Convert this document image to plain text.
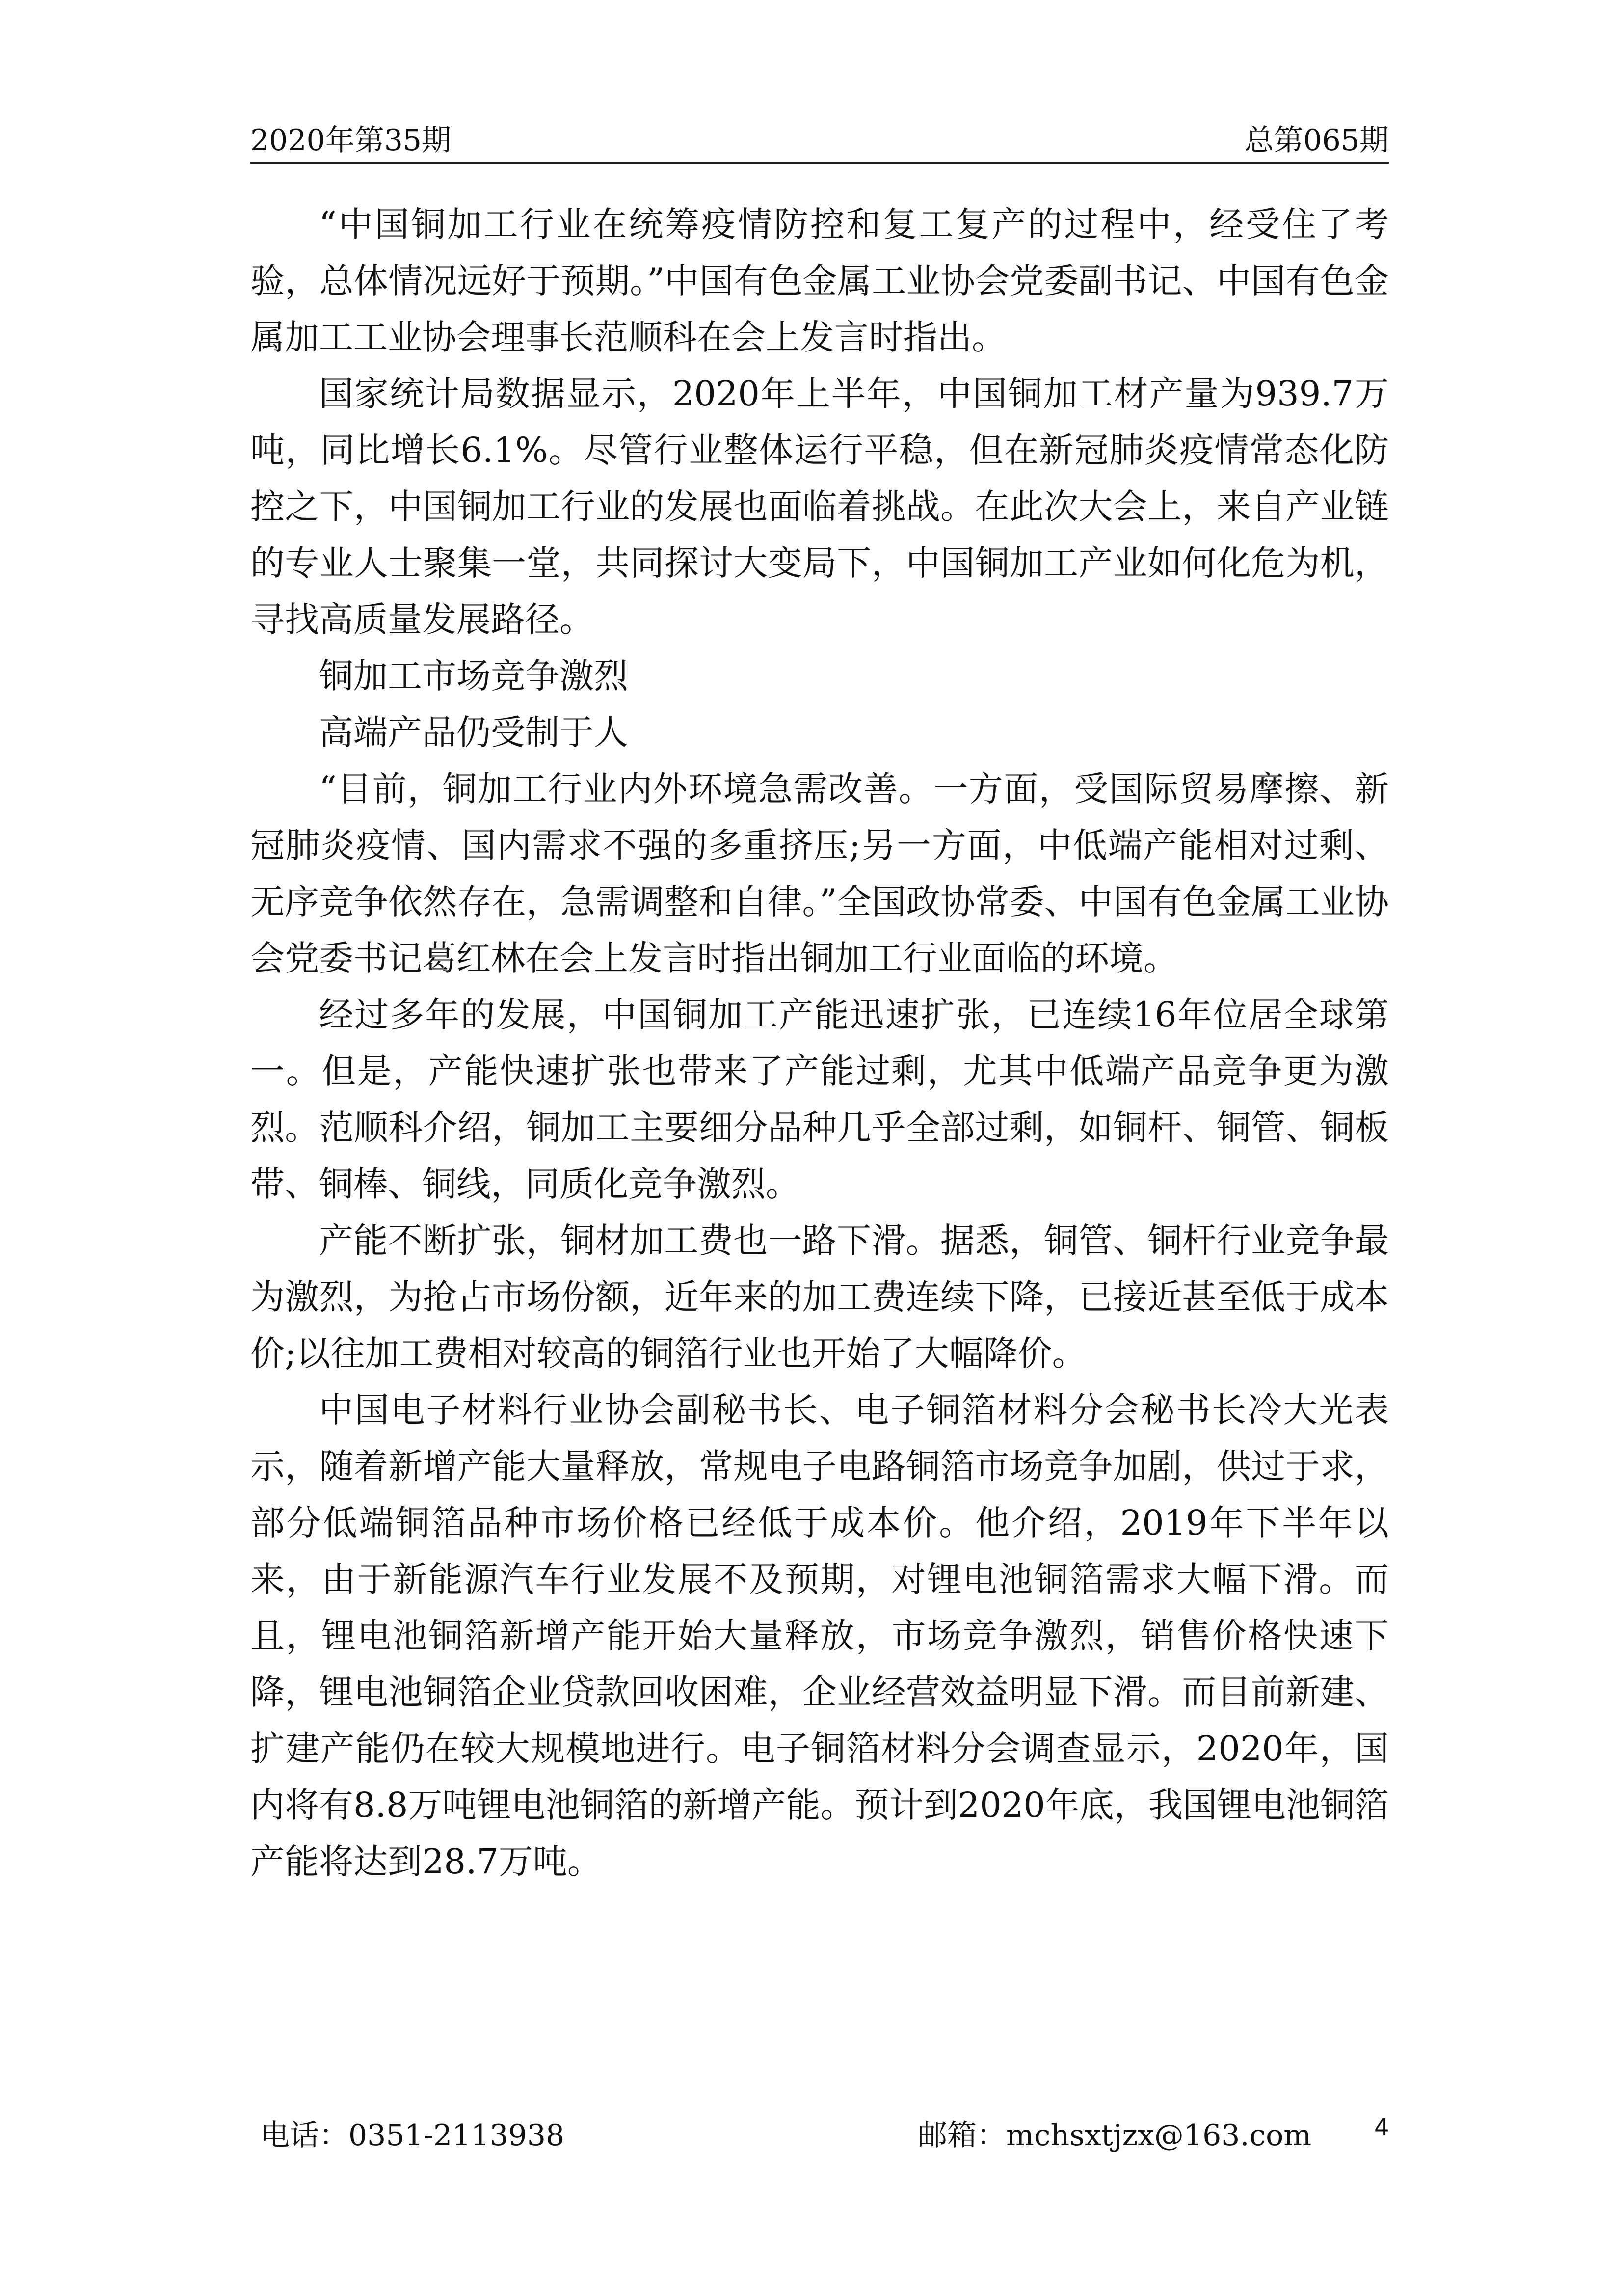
2020年第35期	总第065期

“中国铜加工行业在统筹疫情防控和复工复产的过程中，经受住了考验，总体情况远好于预期。”中国有色金属工业协会党委副书记、中国有色金属加工工业协会理事长范顺科在会上发言时指出。

国家统计局数据显示，2020年上半年，中国铜加工材产量为939.7万吨，同比增长6.1%。尽管行业整体运行平稳，但在新冠肺炎疫情常态化防控之下，中国铜加工行业的发展也面临着挑战。在此次大会上，来自产业链的专业人士聚集一堂，共同探讨大变局下，中国铜加工产业如何化危为机，寻找高质量发展路径。

铜加工市场竞争激烈

高端产品仍受制于人

“目前，铜加工行业内外环境急需改善。一方面，受国际贸易摩擦、新冠肺炎疫情、国内需求不强的多重挤压;另一方面，中低端产能相对过剩、无序竞争依然存在，急需调整和自律。”全国政协常委、中国有色金属工业协会党委书记葛红林在会上发言时指出铜加工行业面临的环境。

经过多年的发展，中国铜加工产能迅速扩张，已连续16年位居全球第一。但是，产能快速扩张也带来了产能过剩，尤其中低端产品竞争更为激烈。范顺科介绍，铜加工主要细分品种几乎全部过剩，如铜杆、铜管、铜板带、铜棒、铜线，同质化竞争激烈。

产能不断扩张，铜材加工费也一路下滑。据悉，铜管、铜杆行业竞争最为激烈，为抢占市场份额，近年来的加工费连续下降，已接近甚至低于成本价;以往加工费相对较高的铜箔行业也开始了大幅降价。

中国电子材料行业协会副秘书长、电子铜箔材料分会秘书长冷大光表示，随着新增产能大量释放，常规电子电路铜箔市场竞争加剧，供过于求，部分低端铜箔品种市场价格已经低于成本价。他介绍，2019年下半年以来，由于新能源汽车行业发展不及预期，对锂电池铜箔需求大幅下滑。而且，锂电池铜箔新增产能开始大量释放，市场竞争激烈，销售价格快速下降，锂电池铜箔企业贷款回收困难，企业经营效益明显下滑。而目前新建、扩建产能仍在较大规模地进行。电子铜箔材料分会调查显示，2020年，国内将有8.8万吨锂电池铜箔的新增产能。预计到2020年底，我国锂电池铜箔产能将达到28.7万吨。

电话：0351-2113938	邮箱：mchsxtjzx@163.com	4
